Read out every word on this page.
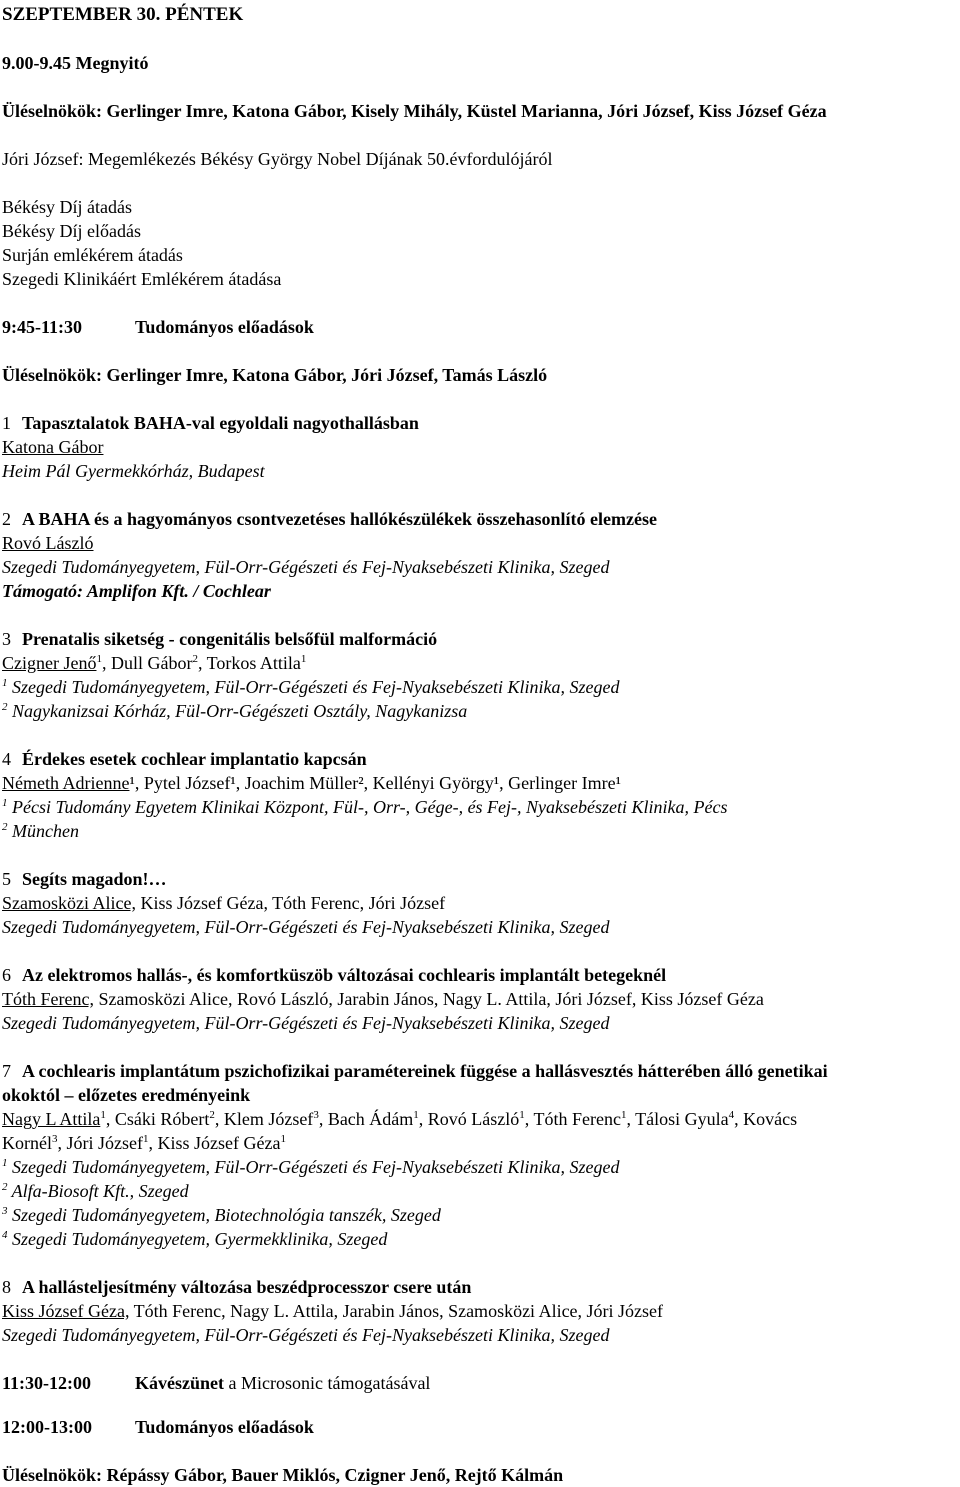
SZEPTEMBER 30. PÉNTEK
9.00-9.45 Megnyitó
Üléselnökök: Gerlinger Imre, Katona Gábor, Kisely Mihály, Küstel Marianna, Jóri József, Kiss József Géza
Jóri József: Megemlékezés Békésy György Nobel Díjának 50.évfordulójáról
Békésy Díj átadás
Békésy Díj előadás
Surján emlékérem átadás
Szegedi Klinikáért Emlékérem átadása
9:45-11:30	Tudományos előadások
Üléselnökök: Gerlinger Imre, Katona Gábor, Jóri József, Tamás László
1 Tapasztalatok BAHA-val egyoldali nagyothallásban
Katona Gábor
Heim Pál Gyermekkórház, Budapest
2 A BAHA és a hagyományos csontvezetéses hallókészülékek összehasonlító elemzése
Rovó László
Szegedi Tudományegyetem, Fül-Orr-Gégészeti és Fej-Nyaksebészeti Klinika, Szeged
Támogató: Amplifon Kft. / Cochlear
3 Prenatalis siketség - congenitális belsőfül malformáció
Czigner Jenő$^1$, Dull Gábor$^2$, Torkos Attila$^1$
$^1$ Szegedi Tudományegyetem, Fül-Orr-Gégészeti és Fej-Nyaksebészeti Klinika, Szeged
$^2$ Nagykanizsai Kórház, Fül-Orr-Gégészeti Osztály, Nagykanizsa
4 Érdekes esetek cochlear implantatio kapcsán
Németh Adrienne¹, Pytel József¹, Joachim Müller², Kellényi György¹, Gerlinger Imre¹
$^1$ Pécsi Tudomány Egyetem Klinikai Központ, Fül-, Orr-, Gége-, és Fej-, Nyaksebészeti Klinika, Pécs
$^2$ München
5 Segíts magadon!…
Szamosközi Alice, Kiss József Géza, Tóth Ferenc, Jóri József
Szegedi Tudományegyetem, Fül-Orr-Gégészeti és Fej-Nyaksebészeti Klinika, Szeged
6 Az elektromos hallás-, és komfortküszöb változásai cochlearis implantált betegeknél
Tóth Ferenc, Szamosközi Alice, Rovó László, Jarabin János, Nagy L. Attila, Jóri József, Kiss József Géza
Szegedi Tudományegyetem, Fül-Orr-Gégészeti és Fej-Nyaksebészeti Klinika, Szeged
7 A cochlearis implantátum pszichofizikai paramétereinek függése a hallásvesztés hátterében álló genetikai
okoktól – előzetes eredményeink
Nagy L Attila$^1$, Csáki Róbert$^2$, Klem József$^3$, Bach Ádám$^1$, Rovó László$^1$, Tóth Ferenc$^1$, Tálosi Gyula$^4$, Kovács
Kornél$^3$, Jóri József$^1$, Kiss József Géza$^1$
$^1$ Szegedi Tudományegyetem, Fül-Orr-Gégészeti és Fej-Nyaksebészeti Klinika, Szeged
$^2$ Alfa-Biosoft Kft., Szeged
$^3$ Szegedi Tudományegyetem, Biotechnológia tanszék, Szeged
$^4$ Szegedi Tudományegyetem, Gyermekklinika, Szeged
8 A hallásteljesítmény változása beszédprocesszor csere után
Kiss József Géza, Tóth Ferenc, Nagy L. Attila, Jarabin János, Szamosközi Alice, Jóri József
Szegedi Tudományegyetem, Fül-Orr-Gégészeti és Fej-Nyaksebészeti Klinika, Szeged
11:30-12:00 Kávészünet a Microsonic támogatásával
12:00-13:00 Tudományos előadások
Üléselnökök: Répássy Gábor, Bauer Miklós, Czigner Jenő, Rejtő Kálmán
